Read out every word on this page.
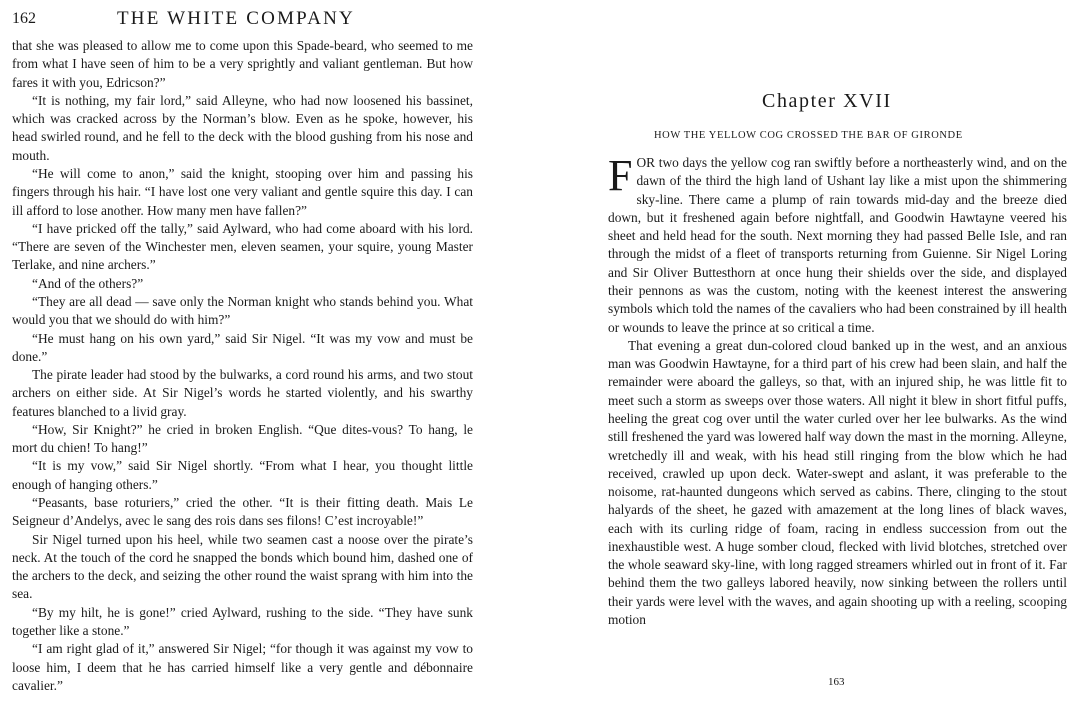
162	THE WHITE COMPANY

that she was pleased to allow me to come upon this Spade-beard, who seemed to me from what I have seen of him to be a very sprightly and valiant gentleman. But how fares it with you, Edricson?”

“It is nothing, my fair lord,” said Alleyne, who had now loosened his bassinet, which was cracked across by the Norman’s blow. Even as he spoke, however, his head swirled round, and he fell to the deck with the blood gushing from his nose and mouth.

“He will come to anon,” said the knight, stooping over him and passing his fingers through his hair. “I have lost one very valiant and gentle squire this day. I can ill afford to lose another. How many men have fallen?”

“I have pricked off the tally,” said Aylward, who had come aboard with his lord. “There are seven of the Winchester men, eleven seamen, your squire, young Master Terlake, and nine archers.”

“And of the others?”

“They are all dead — save only the Norman knight who stands behind you. What would you that we should do with him?”

“He must hang on his own yard,” said Sir Nigel. “It was my vow and must be done.”

The pirate leader had stood by the bulwarks, a cord round his arms, and two stout archers on either side. At Sir Nigel’s words he started violently, and his swarthy features blanched to a livid gray.

“How, Sir Knight?” he cried in broken English. “Que dites-vous? To hang, le mort du chien! To hang!”

“It is my vow,” said Sir Nigel shortly. “From what I hear, you thought little enough of hanging others.”

“Peasants, base roturiers,” cried the other. “It is their fitting death. Mais Le Seigneur d’Andelys, avec le sang des rois dans ses filons! C’est incroyable!”

Sir Nigel turned upon his heel, while two seamen cast a noose over the pirate’s neck. At the touch of the cord he snapped the bonds which bound him, dashed one of the archers to the deck, and seizing the other round the waist sprang with him into the sea.

“By my hilt, he is gone!” cried Aylward, rushing to the side. “They have sunk together like a stone.”

“I am right glad of it,” answered Sir Nigel; “for though it was against my vow to loose him, I deem that he has carried himself like a very gentle and débonnaire cavalier.”

Chapter XVII
HOW THE YELLOW COG CROSSED THE BAR OF GIRONDE

FOR two days the yellow cog ran swiftly before a northeasterly wind, and on the dawn of the third the high land of Ushant lay like a mist upon the shimmering sky-line. There came a plump of rain towards mid-day and the breeze died down, but it freshened again before nightfall, and Goodwin Hawtayne veered his sheet and held head for the south. Next morning they had passed Belle Isle, and ran through the midst of a fleet of transports returning from Guienne. Sir Nigel Loring and Sir Oliver Buttesthorn at once hung their shields over the side, and displayed their pennons as was the custom, noting with the keenest interest the answering symbols which told the names of the cavaliers who had been constrained by ill health or wounds to leave the prince at so critical a time.

That evening a great dun-colored cloud banked up in the west, and an anxious man was Goodwin Hawtayne, for a third part of his crew had been slain, and half the remainder were aboard the galleys, so that, with an injured ship, he was little fit to meet such a storm as sweeps over those waters. All night it blew in short fitful puffs, heeling the great cog over until the water curled over her lee bulwarks. As the wind still freshened the yard was lowered half way down the mast in the morning. Alleyne, wretchedly ill and weak, with his head still ringing from the blow which he had received, crawled up upon deck. Water-swept and aslant, it was preferable to the noisome, rat-haunted dungeons which served as cabins. There, clinging to the stout halyards of the sheet, he gazed with amazement at the long lines of black waves, each with its curling ridge of foam, racing in endless succession from out the inexhaustible west. A huge somber cloud, flecked with livid blotches, stretched over the whole seaward sky-line, with long ragged streamers whirled out in front of it. Far behind them the two galleys labored heavily, now sinking between the rollers until their yards were level with the waves, and again shooting up with a reeling, scooping motion

163
